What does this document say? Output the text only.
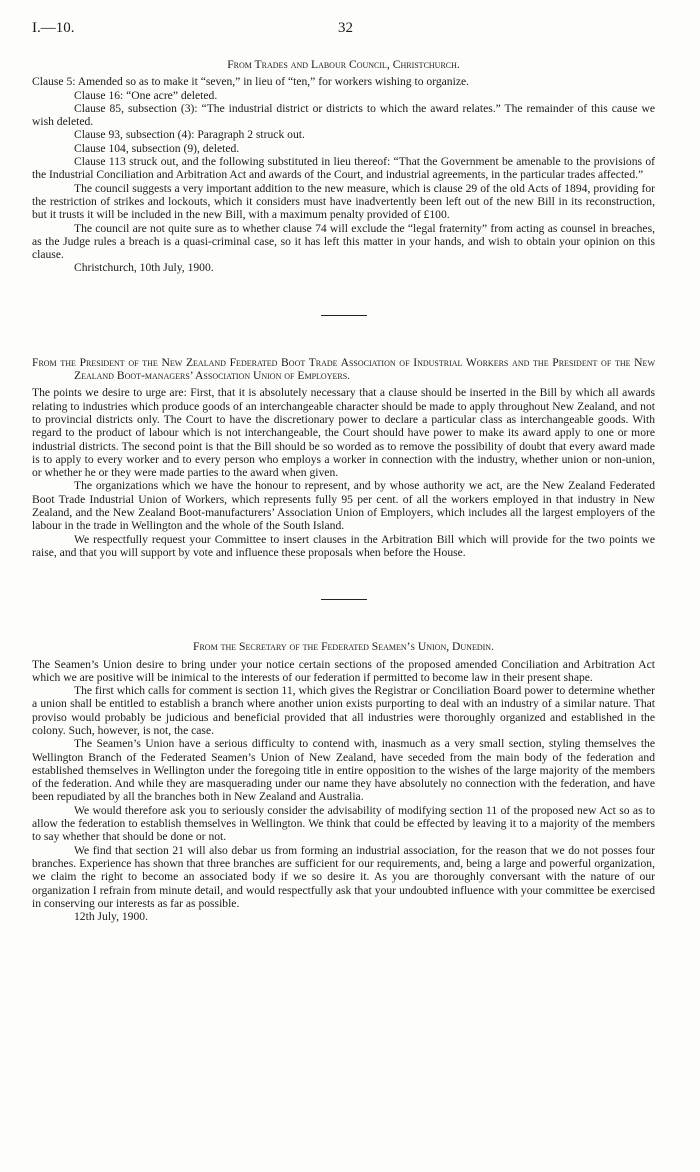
I.—10.	32
From Trades and Labour Council, Christchurch.

Clause 5: Amended so as to make it “seven,” in lieu of “ten,” for workers wishing to organize.

Clause 16: “One acre” deleted.

Clause 85, subsection (3): “The industrial district or districts to which the award relates.” The remainder of this cause we wish deleted.

Clause 93, subsection (4): Paragraph 2 struck out.

Clause 104, subsection (9), deleted.

Clause 113 struck out, and the following substituted in lieu thereof: “That the Government be amenable to the provisions of the Industrial Conciliation and Arbitration Act and awards of the Court, and industrial agreements, in the particular trades affected.”

The council suggests a very important addition to the new measure, which is clause 29 of the old Acts of 1894, providing for the restriction of strikes and lockouts, which it considers must have inadvertently been left out of the new Bill in its reconstruction, but it trusts it will be included in the new Bill, with a maximum penalty provided of £100.

The council are not quite sure as to whether clause 74 will exclude the “legal fraternity” from acting as counsel in breaches, as the Judge rules a breach is a quasi-criminal case, so it has left this matter in your hands, and wish to obtain your opinion on this clause.

Christchurch, 10th July, 1900.

From the President of the New Zealand Federated Boot Trade Association of Industrial Workers and the President of the New Zealand Boot-managers’ Association Union of Employers.

The points we desire to urge are: First, that it is absolutely necessary that a clause should be inserted in the Bill by which all awards relating to industries which produce goods of an interchangeable character should be made to apply throughout New Zealand, and not to provincial districts only. The Court to have the discretionary power to declare a particular class as interchangeable goods. With regard to the product of labour which is not interchangeable, the Court should have power to make its award apply to one or more industrial districts. The second point is that the Bill should be so worded as to remove the possibility of doubt that every award made is to apply to every worker and to every person who employs a worker in connection with the industry, whether union or non-union, or whether he or they were made parties to the award when given.

The organizations which we have the honour to represent, and by whose authority we act, are the New Zealand Federated Boot Trade Industrial Union of Workers, which represents fully 95 per cent. of all the workers employed in that industry in New Zealand, and the New Zealand Boot-manufacturers’ Association Union of Employers, which includes all the largest employers of the labour in the trade in Wellington and the whole of the South Island.

We respectfully request your Committee to insert clauses in the Arbitration Bill which will provide for the two points we raise, and that you will support by vote and influence these proposals when before the House.

From the Secretary of the Federated Seamen’s Union, Dunedin.

The Seamen’s Union desire to bring under your notice certain sections of the proposed amended Conciliation and Arbitration Act which we are positive will be inimical to the interests of our federation if permitted to become law in their present shape.

The first which calls for comment is section 11, which gives the Registrar or Conciliation Board power to determine whether a union shall be entitled to establish a branch where another union exists purporting to deal with an industry of a similar nature. That proviso would probably be judicious and beneficial provided that all industries were thoroughly organized and established in the colony. Such, however, is not, the case.

The Seamen’s Union have a serious difficulty to contend with, inasmuch as a very small section, styling themselves the Wellington Branch of the Federated Seamen’s Union of New Zealand, have seceded from the main body of the federation and established themselves in Wellington under the foregoing title in entire opposition to the wishes of the large majority of the members of the federation. And while they are masquerading under our name they have absolutely no connection with the federation, and have been repudiated by all the branches both in New Zealand and Australia.

We would therefore ask you to seriously consider the advisability of modifying section 11 of the proposed new Act so as to allow the federation to establish themselves in Wellington. We think that could be effected by leaving it to a majority of the members to say whether that should be done or not.

We find that section 21 will also debar us from forming an industrial association, for the reason that we do not posses four branches. Experience has shown that three branches are sufficient for our requirements, and, being a large and powerful organization, we claim the right to become an associated body if we so desire it. As you are thoroughly conversant with the nature of our organization I refrain from minute detail, and would respectfully ask that your undoubted influence with your committee be exercised in conserving our interests as far as possible.

12th July, 1900.
